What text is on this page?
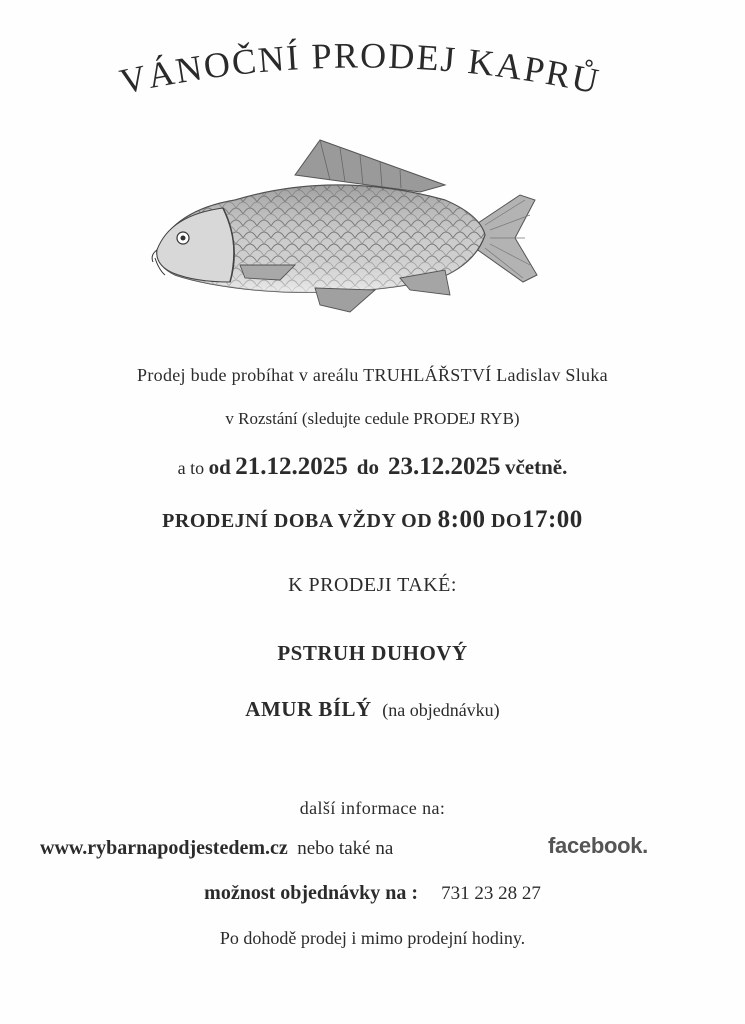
VÁNOČNÍ PRODEJ KAPRŮ
Prodej bude probíhat v areálu TRUHLÁŘSTVÍ Ladislav Sluka
v Rozstání (sledujte cedule PRODEJ RYB)
a to od 21.12.2025 do 23.12.2025 včetně.
PRODEJNÍ DOBA VŽDY OD 8:00 DO17:00
K PRODEJI TAKÉ:
PSTRUH DUHOVÝ
AMUR BÍLÝ (na objednávku)
další informace na:
www.rybarnapodjestedem.cz nebo také na	facebook.
možnost objednávky na : 731 23 28 27
Po dohodě prodej i mimo prodejní hodiny.
